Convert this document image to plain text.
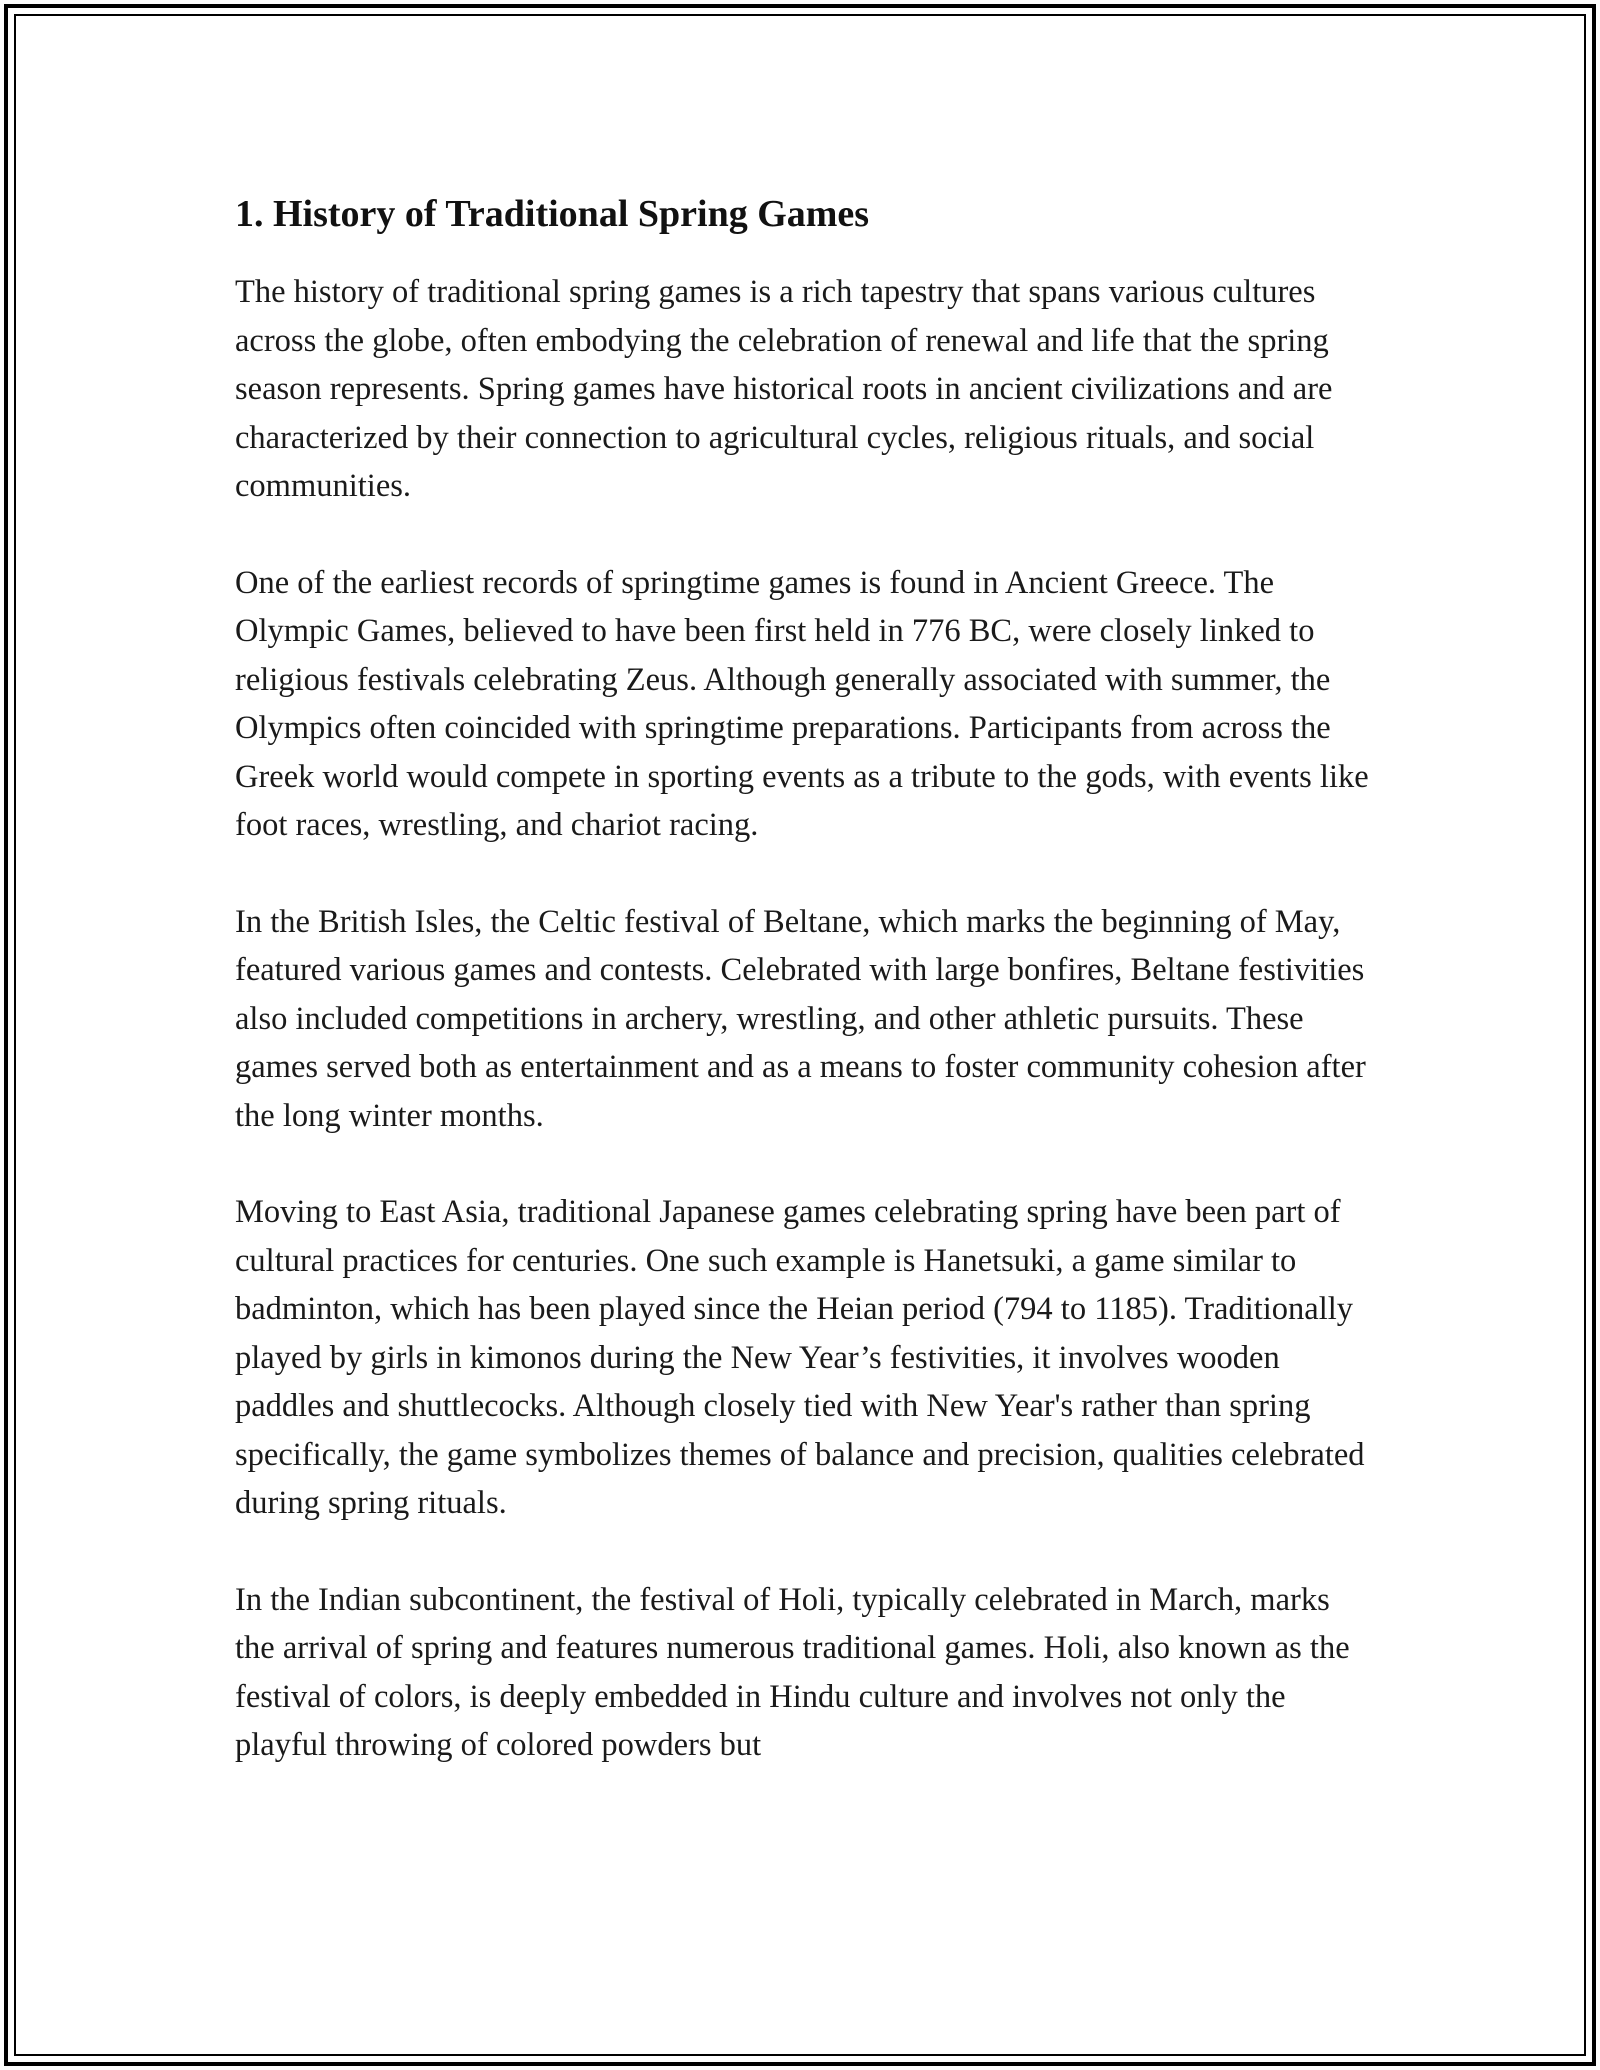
1. History of Traditional Spring Games

The history of traditional spring games is a rich tapestry that spans various cultures across the globe, often embodying the celebration of renewal and life that the spring season represents. Spring games have historical roots in ancient civilizations and are characterized by their connection to agricultural cycles, religious rituals, and social communities.

One of the earliest records of springtime games is found in Ancient Greece. The Olympic Games, believed to have been first held in 776 BC, were closely linked to religious festivals celebrating Zeus. Although generally associated with summer, the Olympics often coincided with springtime preparations. Participants from across the Greek world would compete in sporting events as a tribute to the gods, with events like foot races, wrestling, and chariot racing.

In the British Isles, the Celtic festival of Beltane, which marks the beginning of May, featured various games and contests. Celebrated with large bonfires, Beltane festivities also included competitions in archery, wrestling, and other athletic pursuits. These games served both as entertainment and as a means to foster community cohesion after the long winter months.

Moving to East Asia, traditional Japanese games celebrating spring have been part of cultural practices for centuries. One such example is Hanetsuki, a game similar to badminton, which has been played since the Heian period (794 to 1185). Traditionally played by girls in kimonos during the New Year’s festivities, it involves wooden paddles and shuttlecocks. Although closely tied with New Year's rather than spring specifically, the game symbolizes themes of balance and precision, qualities celebrated during spring rituals.

In the Indian subcontinent, the festival of Holi, typically celebrated in March, marks the arrival of spring and features numerous traditional games. Holi, also known as the festival of colors, is deeply embedded in Hindu culture and involves not only the playful throwing of colored powders but
